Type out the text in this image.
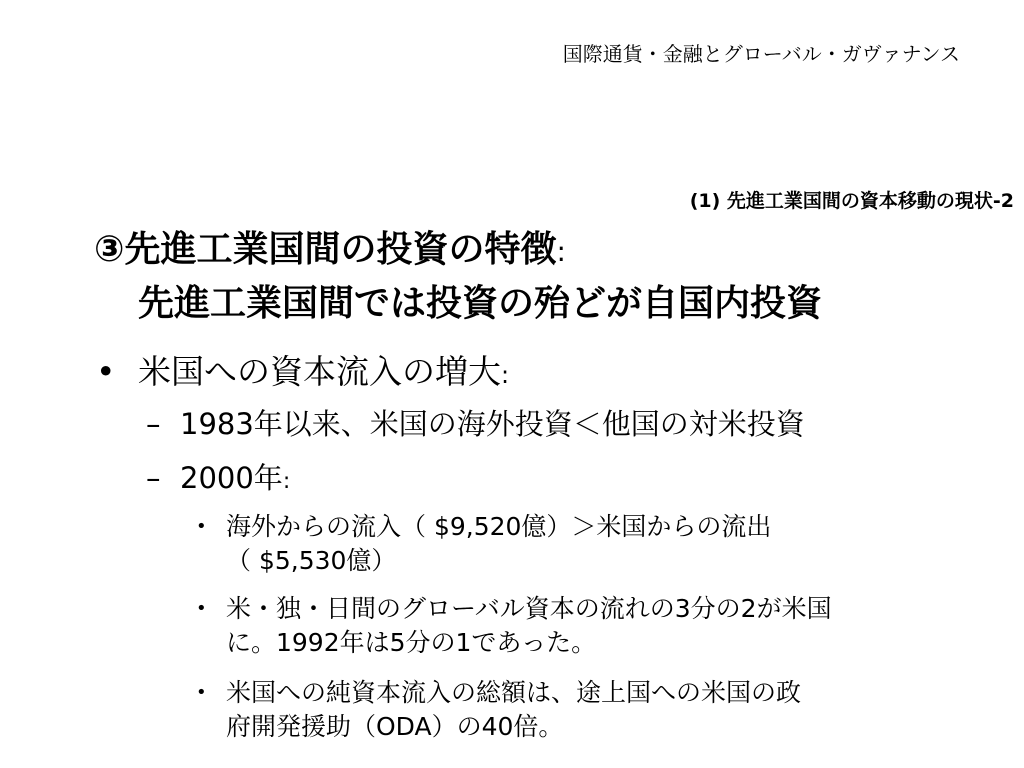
国際通貨・金融とグローバル・ガヴァナンス
(1) 先進工業国間の資本移動の現状-2
③先進工業国間の投資の特徴:
先進工業国間では投資の殆どが自国内投資
• 米国への資本流入の増大:
– 1983年以来、米国の海外投資＜他国の対米投資
– 2000年:
• 海外からの流入（ $9,520億）＞米国からの流出
（ $5,530億）
• 米・独・日間のグローバル資本の流れの3分の2が米国
に。1992年は5分の1であった。
• 米国への純資本流入の総額は、途上国への米国の政
府開発援助（ODA）の40倍。
